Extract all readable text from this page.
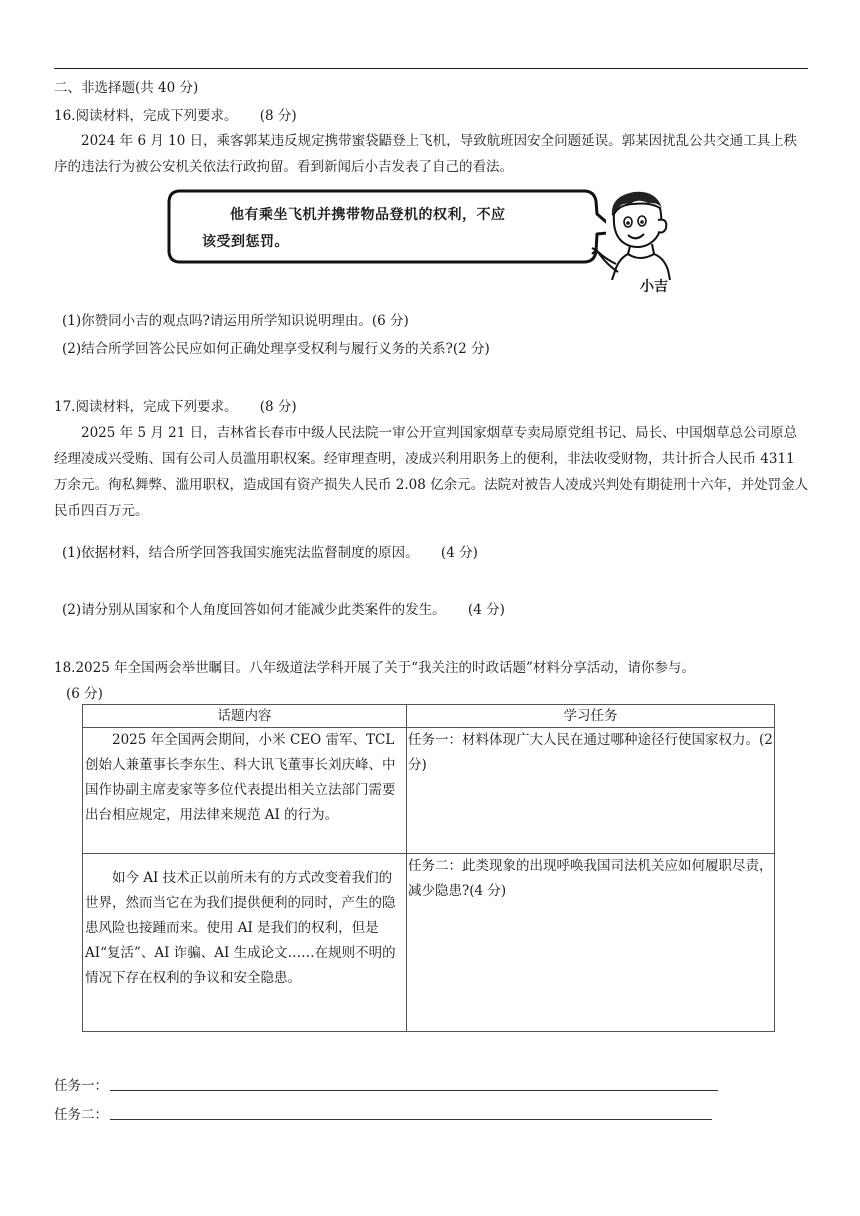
二、非选择题(共 40 分)
16.阅读材料，完成下列要求。 (8 分)
2024 年 6 月 10 日，乘客郭某违反规定携带蜜袋鼯登上飞机，导致航班因安全问题延误。郭某因扰乱公共交通工具上秩序的违法行为被公安机关依法行政拘留。看到新闻后小吉发表了自己的看法。
他有乘坐飞机并携带物品登机的权利，不应
该受到惩罚。
小吉
(1)你赞同小吉的观点吗?请运用所学知识说明理由。(6 分)
(2)结合所学回答公民应如何正确处理享受权利与履行义务的关系?(2 分)
17.阅读材料，完成下列要求。 (8 分)
2025 年 5 月 21 日，吉林省长春市中级人民法院一审公开宣判国家烟草专卖局原党组书记、局长、中国烟草总公司原总经理凌成兴受贿、国有公司人员滥用职权案。经审理查明，凌成兴利用职务上的便利，非法收受财物，共计折合人民币 4311 万余元。徇私舞弊、滥用职权，造成国有资产损失人民币 2.08 亿余元。法院对被告人凌成兴判处有期徒刑十六年，并处罚金人民币四百万元。
(1)依据材料，结合所学回答我国实施宪法监督制度的原因。 (4 分)
(2)请分别从国家和个人角度回答如何才能减少此类案件的发生。 (4 分)
18.2025 年全国两会举世瞩目。八年级道法学科开展了关于“我关注的时政话题”材料分享活动，请你参与。
(6 分)
话题内容	学习任务
2025 年全国两会期间，小米 CEO 雷军、TCL 创始人兼董事长李东生、科大讯飞董事长刘庆峰、中国作协副主席麦家等多位代表提出相关立法部门需要出台相应规定，用法律来规范 AI 的行为。	任务一：材料体现广大人民在通过哪种途径行使国家权力。(2 分)
如今 AI 技术正以前所未有的方式改变着我们的世界，然而当它在为我们提供便利的同时，产生的隐患风险也接踵而来。使用 AI 是我们的权利，但是 AI“复活”、AI 诈骗、AI 生成论文……在规则不明的情况下存在权利的争议和安全隐患。	任务二：此类现象的出现呼唤我国司法机关应如何履职尽责，减少隐患?(4 分)
任务一：
任务二：
